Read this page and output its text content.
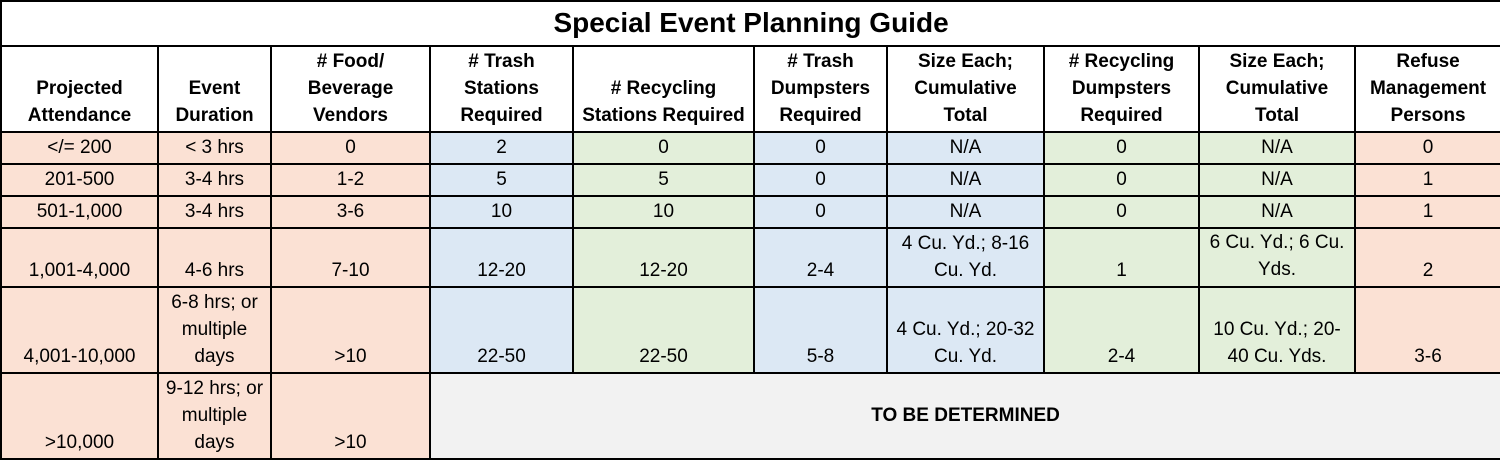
Special Event Planning Guide									
Projected Attendance	Event Duration	# Food/ Beverage Vendors	# Trash Stations Required	# Recycling Stations Required	# Trash Dumpsters Required	Size Each; Cumulative Total	# Recycling Dumpsters Required	Size Each; Cumulative Total	Refuse Management Persons
</= 200	< 3 hrs	0	2	0	0	N/A	0	N/A	0
201-500	3-4 hrs	1-2	5	5	0	N/A	0	N/A	1
501-1,000	3-4 hrs	3-6	10	10	0	N/A	0	N/A	1
1,001-4,000	4-6 hrs	7-10	12-20	12-20	2-4	4 Cu. Yd.; 8-16 Cu. Yd.	1	6 Cu. Yd.; 6 Cu. Yds.	2
4,001-10,000	6-8 hrs; or multiple days	>10	22-50	22-50	5-8	4 Cu. Yd.; 20-32 Cu. Yd.	2-4	10 Cu. Yd.; 20-40 Cu. Yds.	3-6
>10,000	9-12 hrs; or multiple days	>10	TO BE DETERMINED						
